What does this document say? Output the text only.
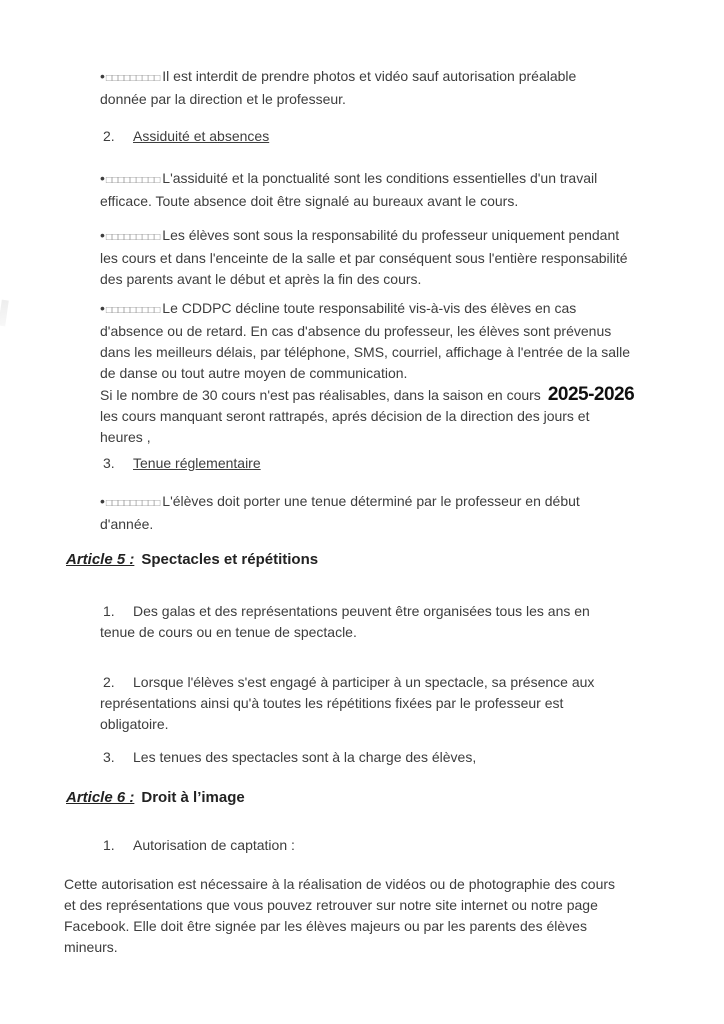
•□□□□□□□□□ Il est interdit de prendre photos et vidéo sauf autorisation préalable
donnée par la direction et le professeur.
2. Assiduité et absences
•□□□□□□□□□ L'assiduité et la ponctualité sont les conditions essentielles d'un travail
efficace. Toute absence doit être signalé au bureaux avant le cours.
•□□□□□□□□□ Les élèves sont sous la responsabilité du professeur uniquement pendant
les cours et dans l'enceinte de la salle et par conséquent sous l'entière responsabilité
des parents avant le début et après la fin des cours.
•□□□□□□□□□ Le CDDPC décline toute responsabilité vis-à-vis des élèves en cas
d'absence ou de retard. En cas d'absence du professeur, les élèves sont prévenus
dans les meilleurs délais, par téléphone, SMS, courriel, affichage à l'entrée de la salle
de danse ou tout autre moyen de communication.
Si le nombre de 30 cours n'est pas réalisables, dans la saison en cours 2025-2026
les cours manquant seront rattrapés, aprés décision de la direction des jours et
heures ,
3. Tenue réglementaire
•□□□□□□□□□ L'élèves doit porter une tenue déterminé par le professeur en début
d'année.
Article 5 : Spectacles et répétitions
1. Des galas et des représentations peuvent être organisées tous les ans en
tenue de cours ou en tenue de spectacle.
2. Lorsque l'élèves s'est engagé à participer à un spectacle, sa présence aux
représentations ainsi qu'à toutes les répétitions fixées par le professeur est
obligatoire.
3. Les tenues des spectacles sont à la charge des élèves,
Article 6 : Droit à l’image
1. Autorisation de captation :
Cette autorisation est nécessaire à la réalisation de vidéos ou de photographie des cours
et des représentations que vous pouvez retrouver sur notre site internet ou notre page
Facebook. Elle doit être signée par les élèves majeurs ou par les parents des élèves
mineurs.
